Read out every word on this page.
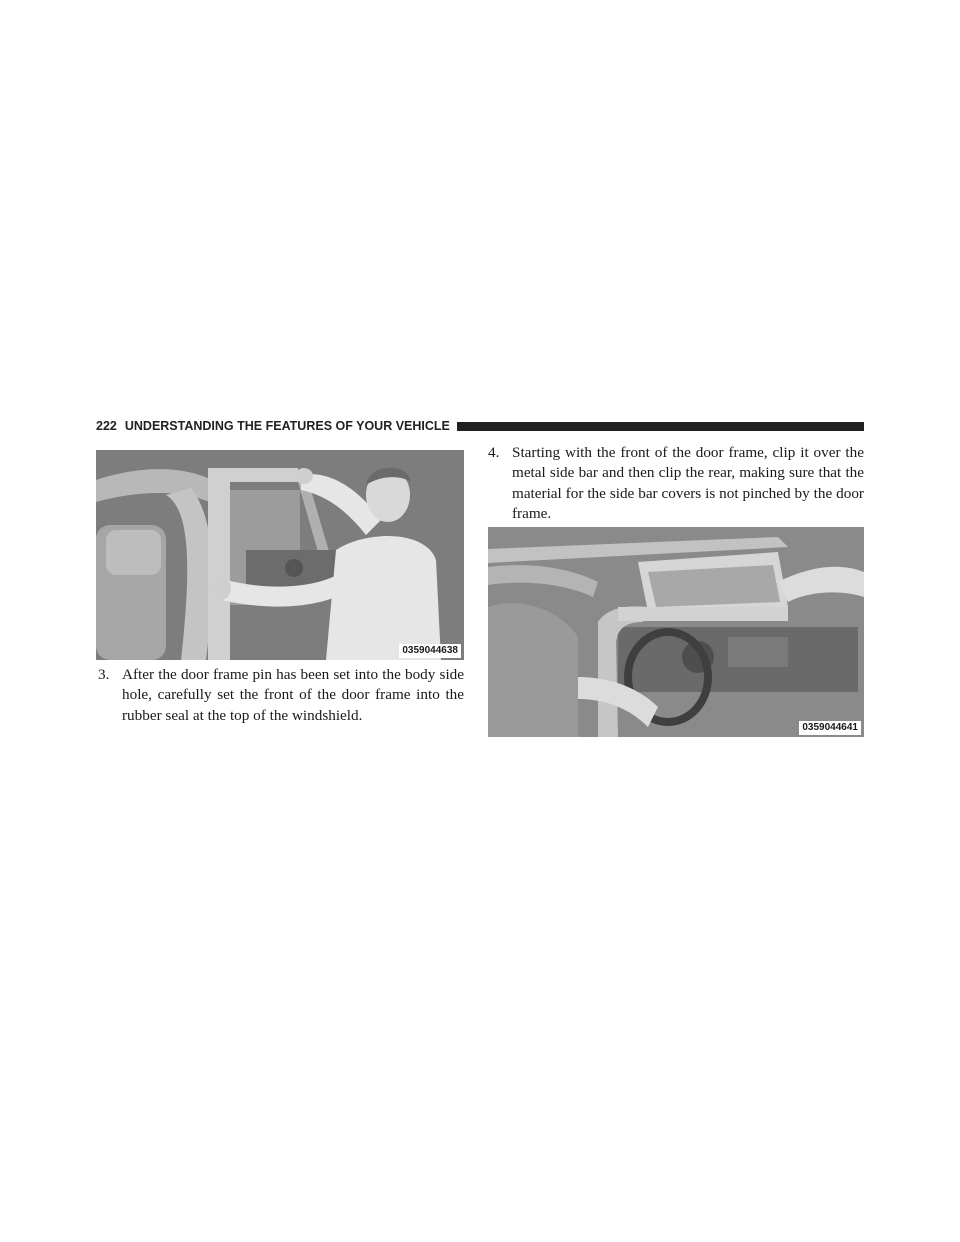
222 UNDERSTANDING THE FEATURES OF YOUR VEHICLE
0359044638
3. After the door frame pin has been set into the body side hole, carefully set the front of the door frame into the rubber seal at the top of the windshield.
4. Starting with the front of the door frame, clip it over the metal side bar and then clip the rear, making sure that the material for the side bar covers is not pinched by the door frame.
0359044641
